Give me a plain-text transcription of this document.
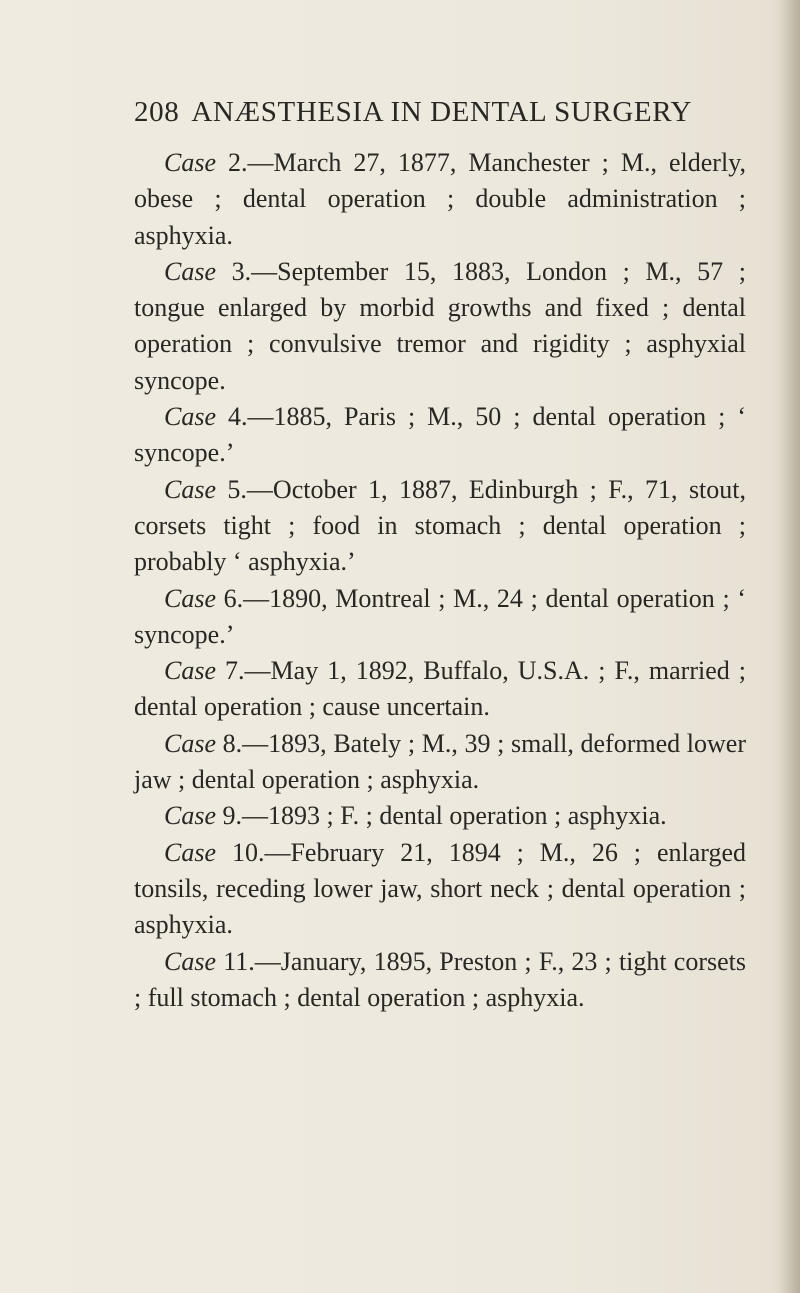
208 ANÆSTHESIA IN DENTAL SURGERY

Case 2.—March 27, 1877, Manchester ; M., elderly, obese ; dental operation ; double administration ; asphyxia.

Case 3.—September 15, 1883, London ; M., 57 ; tongue enlarged by morbid growths and fixed ; dental operation ; convulsive tremor and rigidity ; asphyxial syncope.

Case 4.—1885, Paris ; M., 50 ; dental operation ; ‘ syncope.’

Case 5.—October 1, 1887, Edinburgh ; F., 71, stout, corsets tight ; food in stomach ; dental operation ; probably ‘ asphyxia.’

Case 6.—1890, Montreal ; M., 24 ; dental operation ; ‘ syncope.’

Case 7.—May 1, 1892, Buffalo, U.S.A. ; F., married ; dental operation ; cause uncertain.

Case 8.—1893, Bately ; M., 39 ; small, deformed lower jaw ; dental operation ; asphyxia.

Case 9.—1893 ; F. ; dental operation ; asphyxia.

Case 10.—February 21, 1894 ; M., 26 ; enlarged tonsils, receding lower jaw, short neck ; dental operation ; asphyxia.

Case 11.—January, 1895, Preston ; F., 23 ; tight corsets ; full stomach ; dental operation ; asphyxia.
